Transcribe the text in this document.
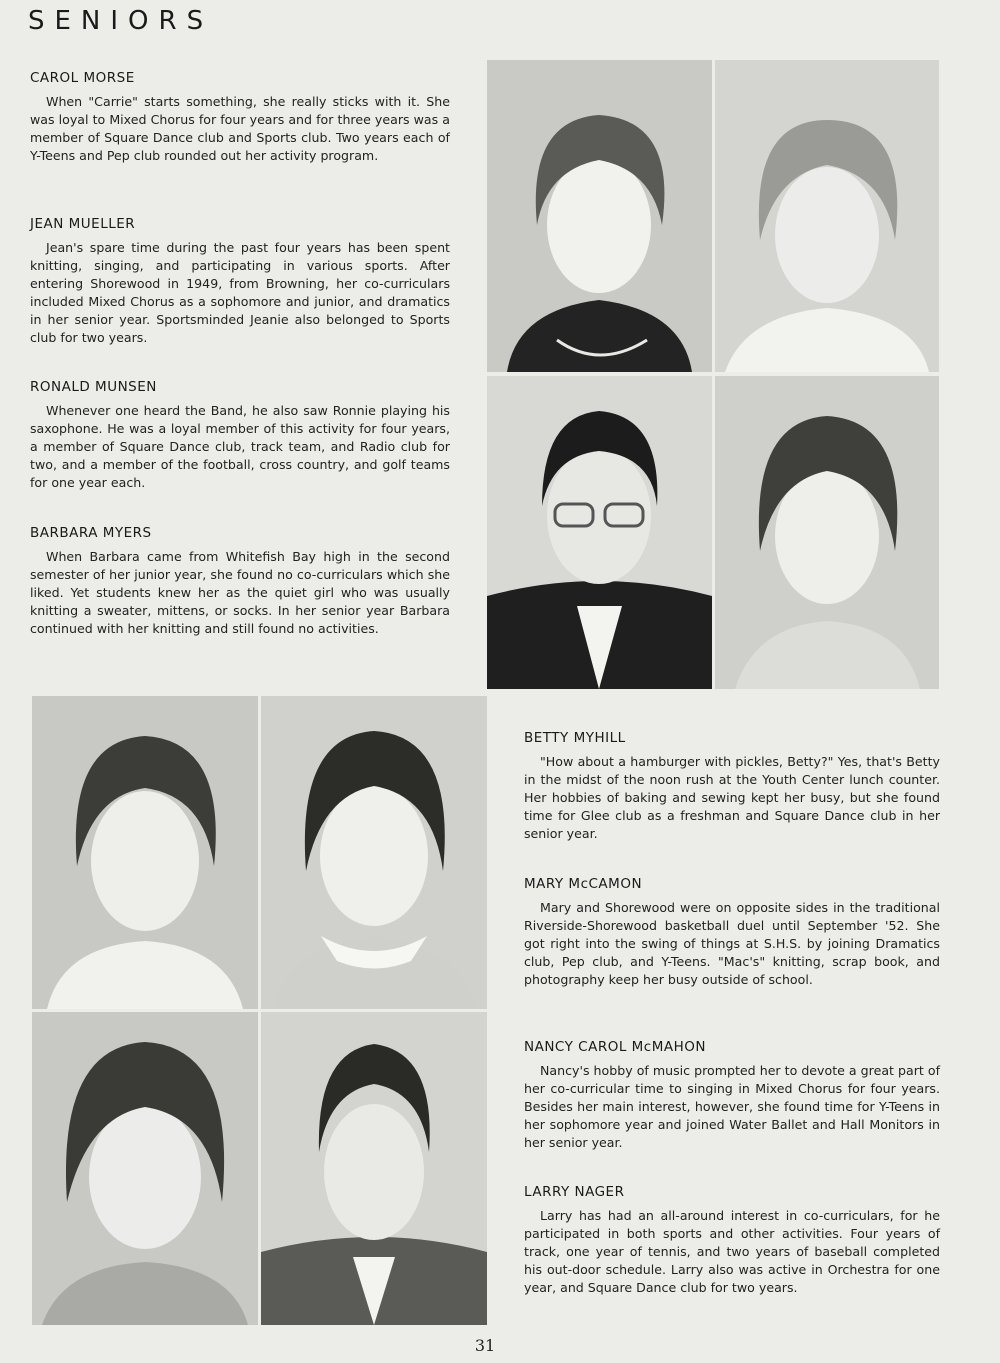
SENIORS
CAROL MORSE

When "Carrie" starts something, she really sticks with it. She was loyal to Mixed Chorus for four years and for three years was a member of Square Dance club and Sports club. Two years each of Y-Teens and Pep club rounded out her activity program.

JEAN MUELLER

Jean's spare time during the past four years has been spent knitting, singing, and participating in various sports. After entering Shorewood in 1949, from Browning, her co-curriculars included Mixed Chorus as a sophomore and junior, and dramatics in her senior year. Sportsminded Jeanie also belonged to Sports club for two years.

RONALD MUNSEN

Whenever one heard the Band, he also saw Ronnie playing his saxophone. He was a loyal member of this activity for four years, a member of Square Dance club, track team, and Radio club for two, and a member of the football, cross country, and golf teams for one year each.

BARBARA MYERS

When Barbara came from Whitefish Bay high in the second semester of her junior year, she found no co-curriculars which she liked. Yet students knew her as the quiet girl who was usually knitting a sweater, mittens, or socks. In her senior year Barbara continued with her knitting and still found no activities.

BETTY MYHILL

"How about a hamburger with pickles, Betty?" Yes, that's Betty in the midst of the noon rush at the Youth Center lunch counter. Her hobbies of baking and sewing kept her busy, but she found time for Glee club as a freshman and Square Dance club in her senior year.

MARY McCAMON

Mary and Shorewood were on opposite sides in the traditional Riverside-Shorewood basketball duel until September '52. She got right into the swing of things at S.H.S. by joining Dramatics club, Pep club, and Y-Teens. "Mac's" knitting, scrap book, and photography keep her busy outside of school.

NANCY CAROL McMAHON

Nancy's hobby of music prompted her to devote a great part of her co-curricular time to singing in Mixed Chorus for four years. Besides her main interest, however, she found time for Y-Teens in her sophomore year and joined Water Ballet and Hall Monitors in her senior year.

LARRY NAGER

Larry has had an all-around interest in co-curriculars, for he participated in both sports and other activities. Four years of track, one year of tennis, and two years of baseball completed his out-door schedule. Larry also was active in Orchestra for one year, and Square Dance club for two years.

31
